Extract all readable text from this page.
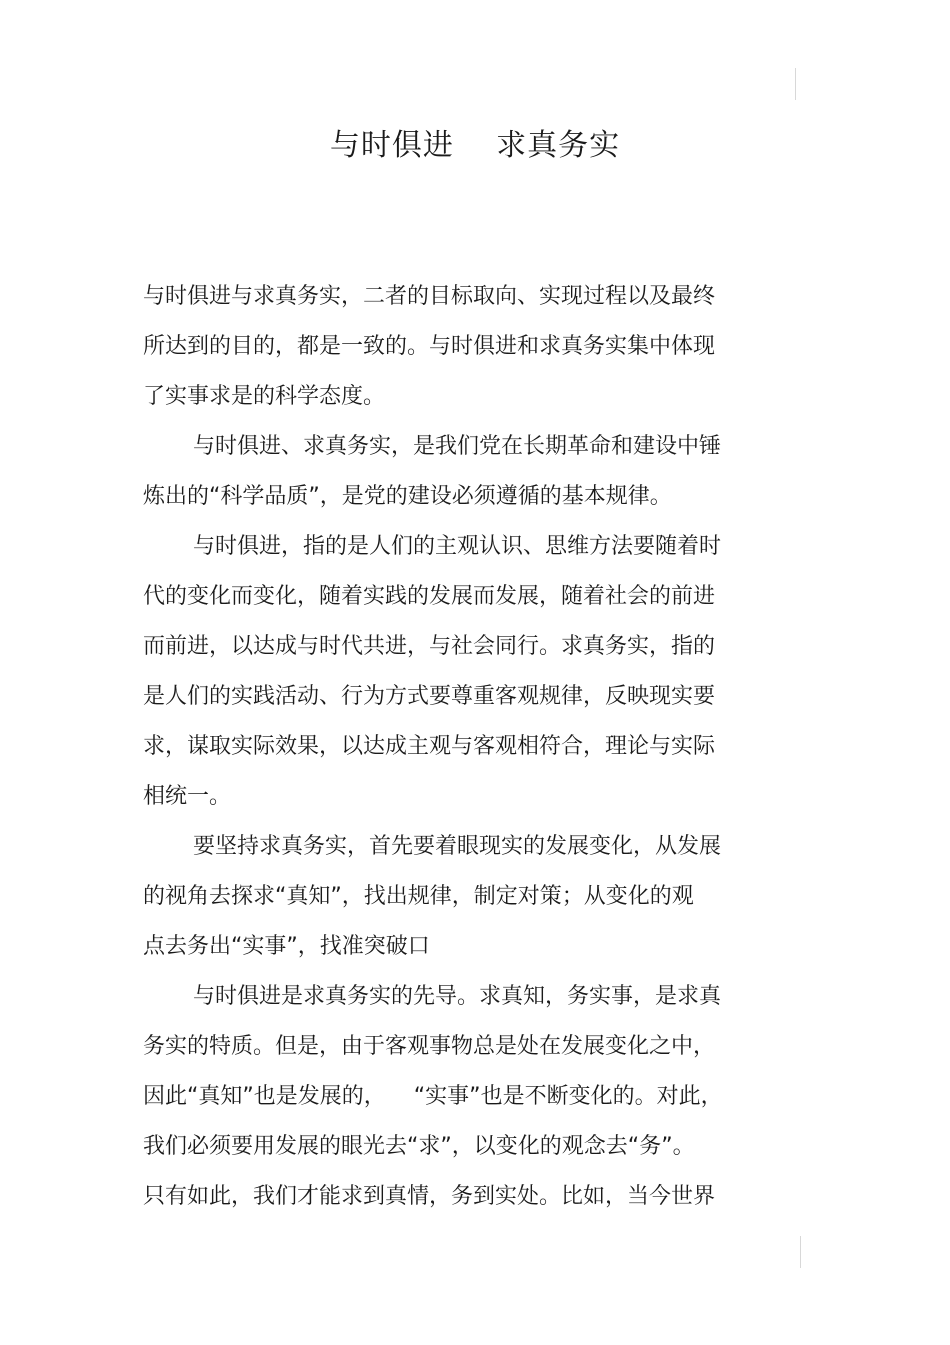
与时俱进    求真务实
与时俱进与求真务实，二者的目标取向、实现过程以及最终
所达到的目的，都是一致的。与时俱进和求真务实集中体现
了实事求是的科学态度。
与时俱进、求真务实，是我们党在长期革命和建设中锤
炼出的“科学品质”，是党的建设必须遵循的基本规律。
与时俱进，指的是人们的主观认识、思维方法要随着时
代的变化而变化，随着实践的发展而发展，随着社会的前进
而前进，以达成与时代共进，与社会同行。求真务实，指的
是人们的实践活动、行为方式要尊重客观规律，反映现实要
求，谋取实际效果，以达成主观与客观相符合，理论与实际
相统一。
要坚持求真务实，首先要着眼现实的发展变化，从发展
的视角去探求“真知”，找出规律，制定对策；从变化的观
点去务出“实事”，找准突破口
与时俱进是求真务实的先导。求真知，务实事，是求真
务实的特质。但是，由于客观事物总是处在发展变化之中，
因此“真知”也是发展的，    “实事”也是不断变化的。对此，
我们必须要用发展的眼光去“求”，以变化的观念去“务”。
只有如此，我们才能求到真情，务到实处。比如，当今世界
